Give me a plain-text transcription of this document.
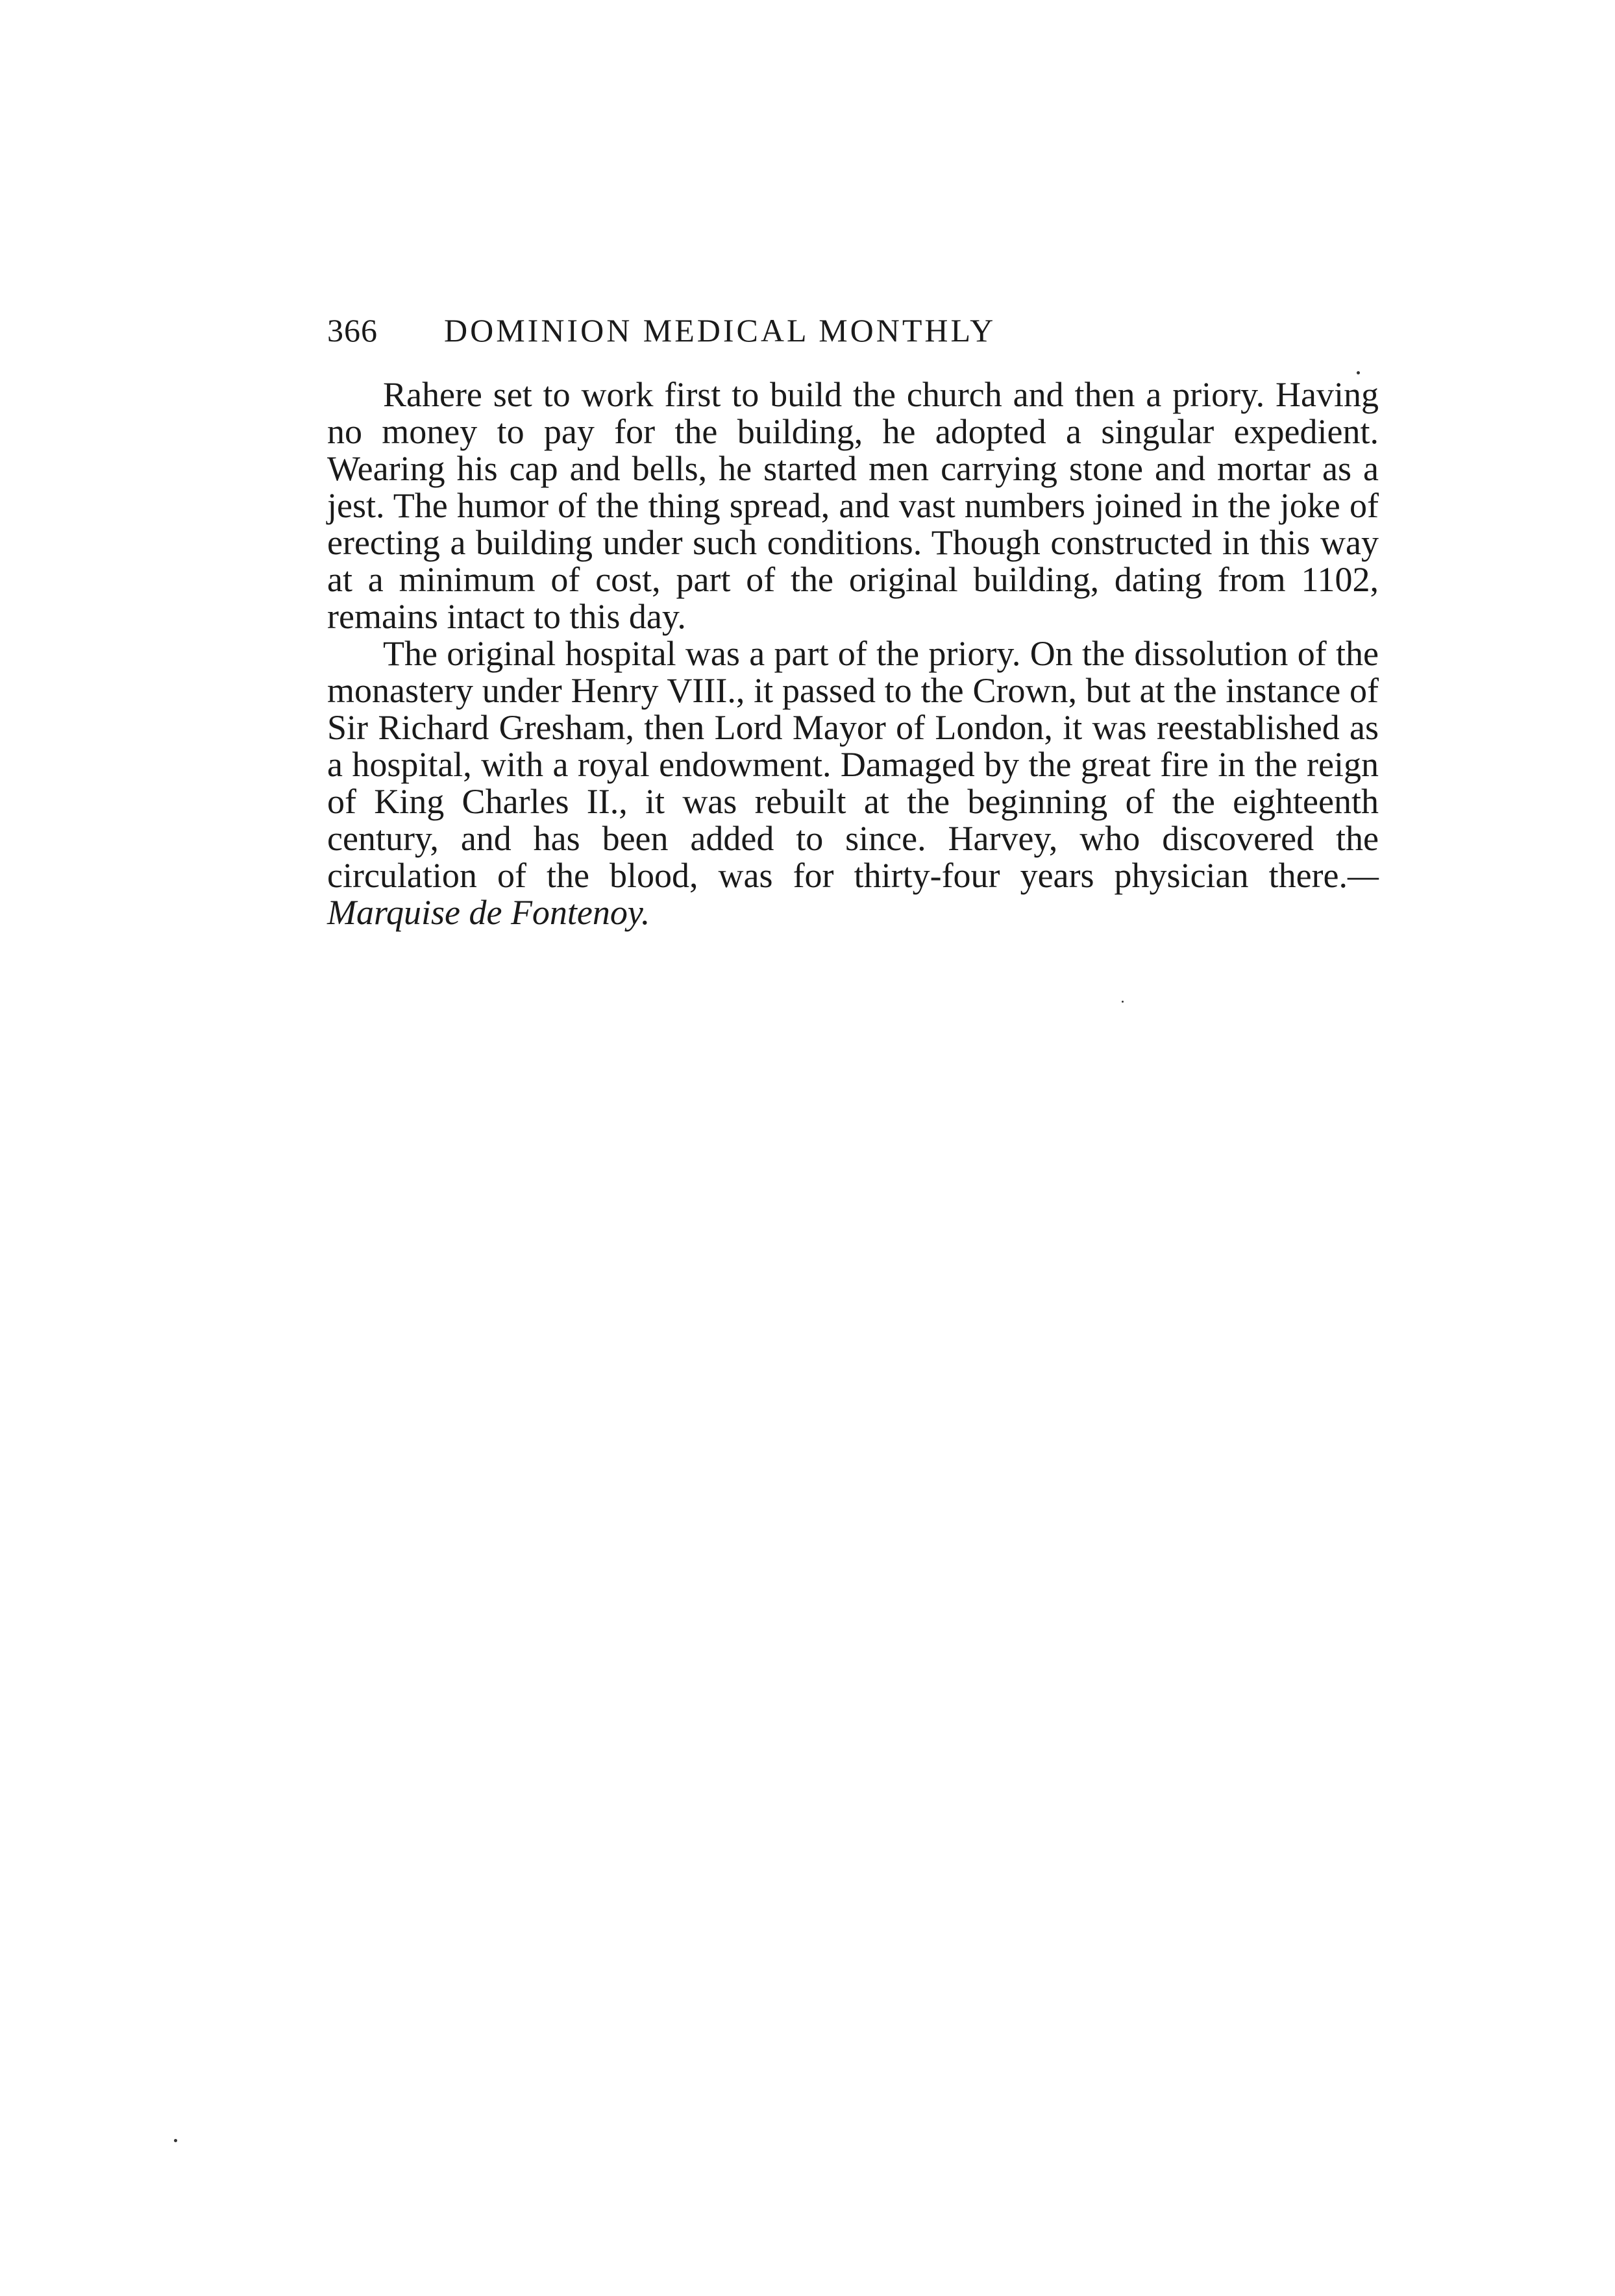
366 DOMINION MEDICAL MONTHLY

Rahere set to work first to build the church and then a priory. Having no money to pay for the building, he adopted a singular expedient. Wearing his cap and bells, he started men carrying stone and mortar as a jest. The humor of the thing spread, and vast numbers joined in the joke of erecting a building under such conditions. Though constructed in this way at a minimum of cost, part of the original building, dating from 1102, remains intact to this day.

The original hospital was a part of the priory. On the dissolution of the monastery under Henry VIII., it passed to the Crown, but at the instance of Sir Richard Gresham, then Lord Mayor of London, it was reestablished as a hospital, with a royal endowment. Damaged by the great fire in the reign of King Charles II., it was rebuilt at the beginning of the eighteenth century, and has been added to since. Harvey, who discovered the circulation of the blood, was for thirty-four years physician there.—Marquise de Fontenoy.
